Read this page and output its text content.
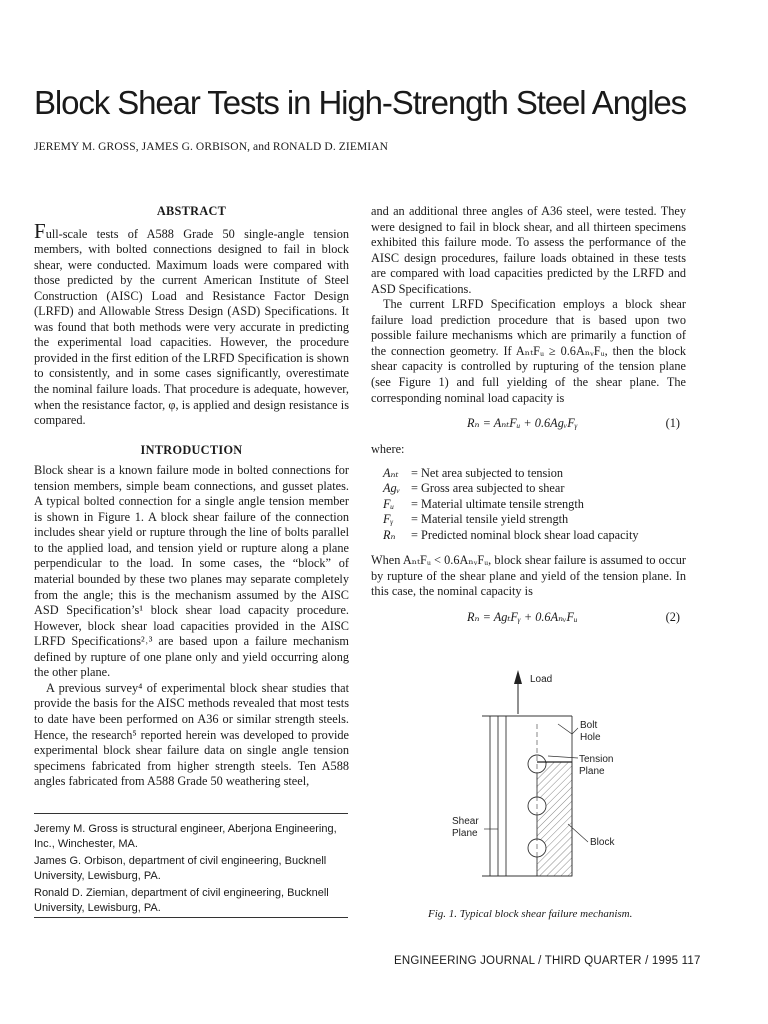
Block Shear Tests in High-Strength Steel Angles
JEREMY M. GROSS, JAMES G. ORBISON, and RONALD D. ZIEMIAN
ABSTRACT

Full-scale tests of A588 Grade 50 single-angle tension members, with bolted connections designed to fail in block shear, were conducted. Maximum loads were compared with those predicted by the current American Institute of Steel Construction (AISC) Load and Resistance Factor Design (LRFD) and Allowable Stress Design (ASD) Specifications. It was found that both methods were very accurate in predicting the experimental load capacities. However, the procedure provided in the first edition of the LRFD Specification is shown to consistently, and in some cases significantly, overestimate the nominal failure loads. That procedure is adequate, however, when the resistance factor, φ, is applied and design resistance is compared.

INTRODUCTION

Block shear is a known failure mode in bolted connections for tension members, simple beam connections, and gusset plates. A typical bolted connection for a single angle tension member is shown in Figure 1. A block shear failure of the connection includes shear yield or rupture through the line of bolts parallel to the applied load, and tension yield or rupture along a plane perpendicular to the load. In some cases, the “block” of material bounded by these two planes may separate completely from the angle; this is the mechanism assumed by the AISC ASD Specification’s¹ block shear load capacity procedure. However, block shear load capacities provided in the AISC LRFD Specifications²˒³ are based upon a failure mechanism defined by rupture of one plane only and yield occurring along the other plane.

A previous survey⁴ of experimental block shear studies that provide the basis for the AISC methods revealed that most tests to date have been performed on A36 or similar strength steels. Hence, the research⁵ reported herein was developed to provide experimental block shear failure data on single angle tension specimens fabricated from higher strength steels. Ten A588 angles fabricated from A588 Grade 50 weathering steel,

and an additional three angles of A36 steel, were tested. They were designed to fail in block shear, and all thirteen specimens exhibited this failure mode. To assess the performance of the AISC design procedures, failure loads obtained in these tests are compared with load capacities predicted by the LRFD and ASD Specifications.

The current LRFD Specification employs a block shear failure load prediction procedure that is based upon two possible failure mechanisms which are primarily a function of the connection geometry. If AₙₜFᵤ ≥ 0.6AₙᵥFᵤ, then the block shear capacity is controlled by rupturing of the tension plane (see Figure 1) and full yielding of the shear plane. The corresponding nominal load capacity is

Rₙ = AₙₜFᵤ + 0.6AgᵥFᵧ	(1)
where:
Aₙₜ	= Net area subjected to tension
Agᵥ = Gross area subjected to shear
Fᵤ	= Material ultimate tensile strength
Fᵧ	= Material tensile yield strength
Rₙ	= Predicted nominal block shear load capacity

When AₙₜFᵤ < 0.6AₙᵥFᵤ, block shear failure is assumed to occur by rupture of the shear plane and yield of the tension plane. In this case, the nominal capacity is

Rₙ = AgₜFᵧ + 0.6AₙᵥFᵤ	(2)
Load
Bolt
Hole
Tension
Plane
Shear
Plane
Block
Fig. 1. Typical block shear failure mechanism.
Jeremy M. Gross is structural engineer, Aberjona Engineering, Inc., Winchester, MA.
James G. Orbison, department of civil engineering, Bucknell University, Lewisburg, PA.
Ronald D. Ziemian, department of civil engineering, Bucknell University, Lewisburg, PA.
ENGINEERING JOURNAL / THIRD QUARTER / 1995 117
